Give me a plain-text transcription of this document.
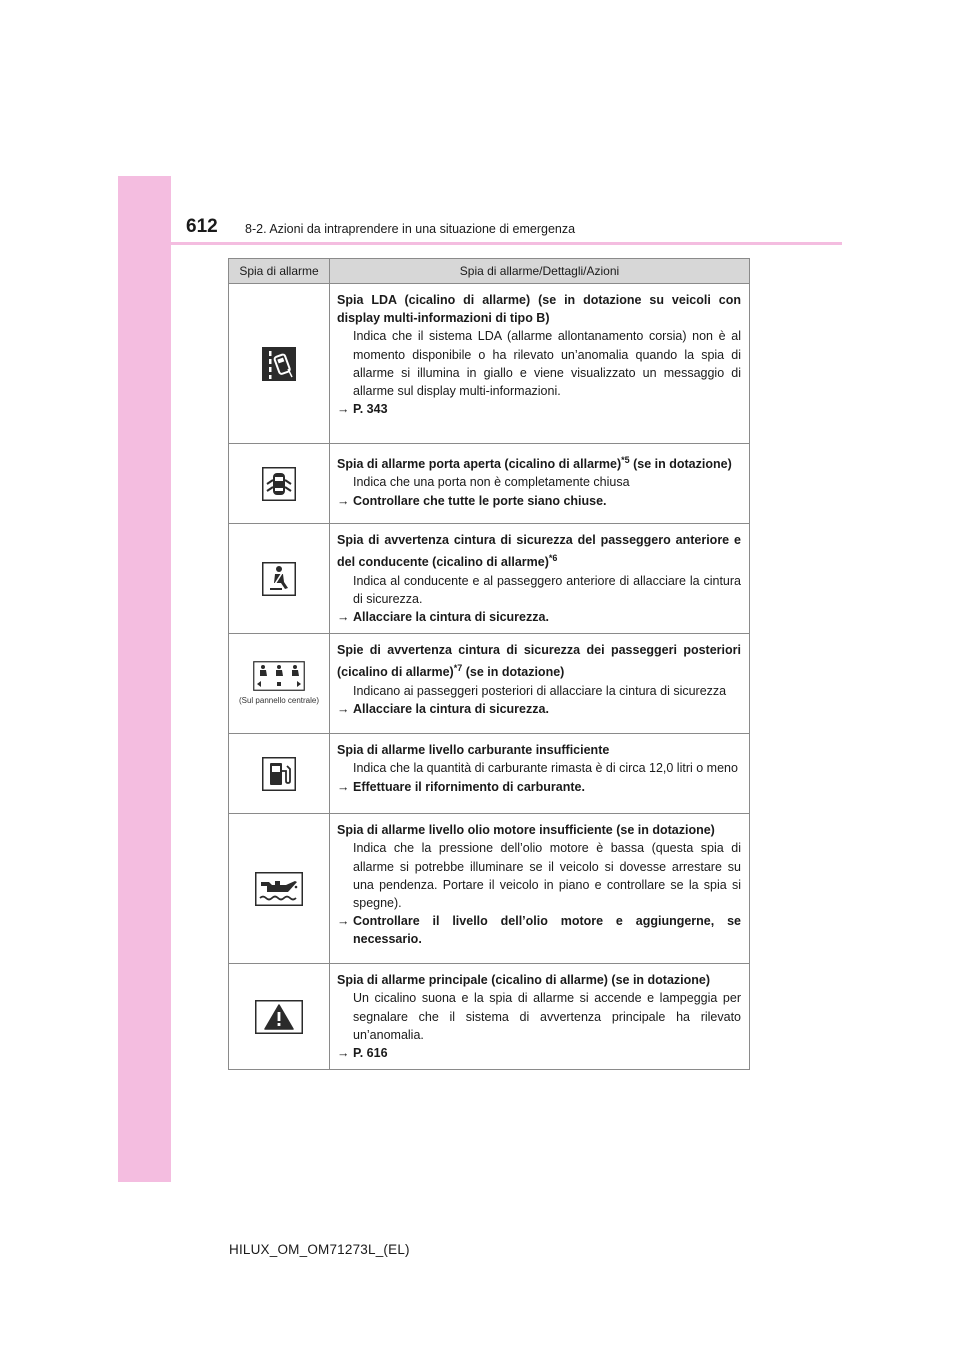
612 8-2. Azioni da intraprendere in una situazione di emergenza
Spia di allarme	Spia di allarme/Dettagli/Azioni

Spia LDA (cicalino di allarme) (se in dotazione su veicoli con display multi-informazioni di tipo B)
Indica che il sistema LDA (allarme allontanamento corsia) non è al momento disponibile o ha rilevato un’anomalia quando la spia di allarme si illumina in giallo e viene visualizzato un messaggio di allarme sul display multi-informazioni.
→ P. 343

Spia di allarme porta aperta (cicalino di allarme)$^{*5}$ (se in dotazione)
Indica che una porta non è completamente chiusa
→ Controllare che tutte le porte siano chiuse.

Spia di avvertenza cintura di sicurezza del passeggero anteriore e del conducente (cicalino di allarme)$^{*6}$
Indica al conducente e al passeggero anteriore di allacciare la cintura di sicurezza.
→ Allacciare la cintura di sicurezza.

(Sul pannello centrale)	Spie di avvertenza cintura di sicurezza dei passeggeri posteriori (cicalino di allarme)$^{*7}$ (se in dotazione)
Indicano ai passeggeri posteriori di allacciare la cintura di sicurezza
→ Allacciare la cintura di sicurezza.

Spia di allarme livello carburante insufficiente
Indica che la quantità di carburante rimasta è di circa 12,0 litri o meno
→ Effettuare il rifornimento di carburante.

Spia di allarme livello olio motore insufficiente (se in dotazione)
Indica che la pressione dell’olio motore è bassa (questa spia di allarme si potrebbe illuminare se il veicolo si dovesse arrestare su una pendenza. Portare il veicolo in piano e controllare se la spia si spegne).
→ Controllare il livello dell’olio motore e aggiungerne, se necessario.

Spia di allarme principale (cicalino di allarme) (se in dotazione)
Un cicalino suona e la spia di allarme si accende e lampeggia per segnalare che il sistema di avvertenza principale ha rilevato un’anomalia.
→ P. 616
HILUX_OM_OM71273L_(EL)
